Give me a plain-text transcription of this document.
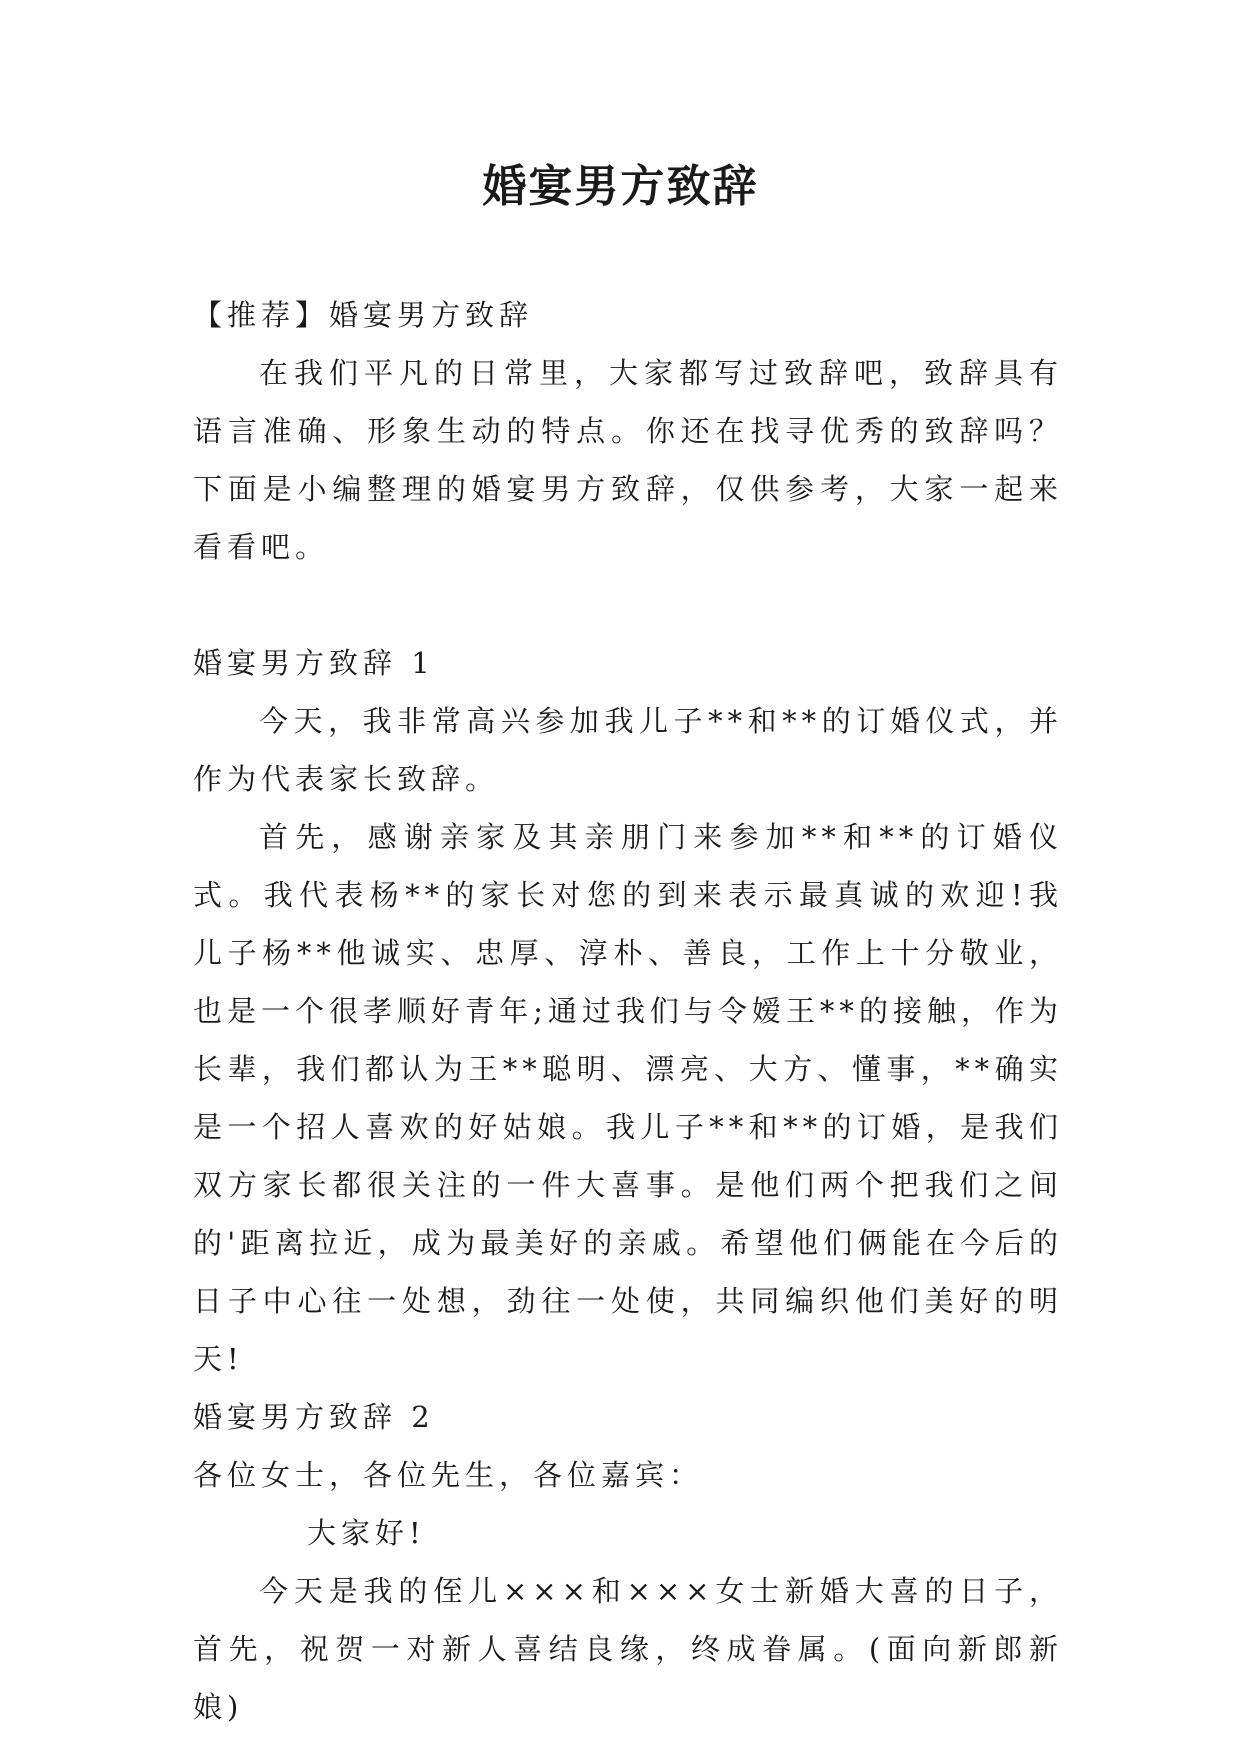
婚宴男方致辞

【推荐】婚宴男方致辞

在我们平凡的日常里，大家都写过致辞吧，致辞具有语言准确、形象生动的特点。你还在找寻优秀的致辞吗？下面是小编整理的婚宴男方致辞，仅供参考，大家一起来看看吧。

婚宴男方致辞 1

今天，我非常高兴参加我儿子**和**的订婚仪式，并作为代表家长致辞。

首先，感谢亲家及其亲朋门来参加**和**的订婚仪式。我代表杨**的家长对您的到来表示最真诚的欢迎!我儿子杨**他诚实、忠厚、淳朴、善良，工作上十分敬业，也是一个很孝顺好青年;通过我们与令嫒王**的接触，作为长辈，我们都认为王**聪明、漂亮、大方、懂事，**确实是一个招人喜欢的好姑娘。我儿子**和**的订婚，是我们双方家长都很关注的一件大喜事。是他们两个把我们之间的'距离拉近，成为最美好的亲戚。希望他们俩能在今后的日子中心往一处想，劲往一处使，共同编织他们美好的明天!

婚宴男方致辞 2

各位女士，各位先生，各位嘉宾：

大家好!

今天是我的侄儿×××和×××女士新婚大喜的日子，首先，祝贺一对新人喜结良缘，终成眷属。(面向新郎新娘)
